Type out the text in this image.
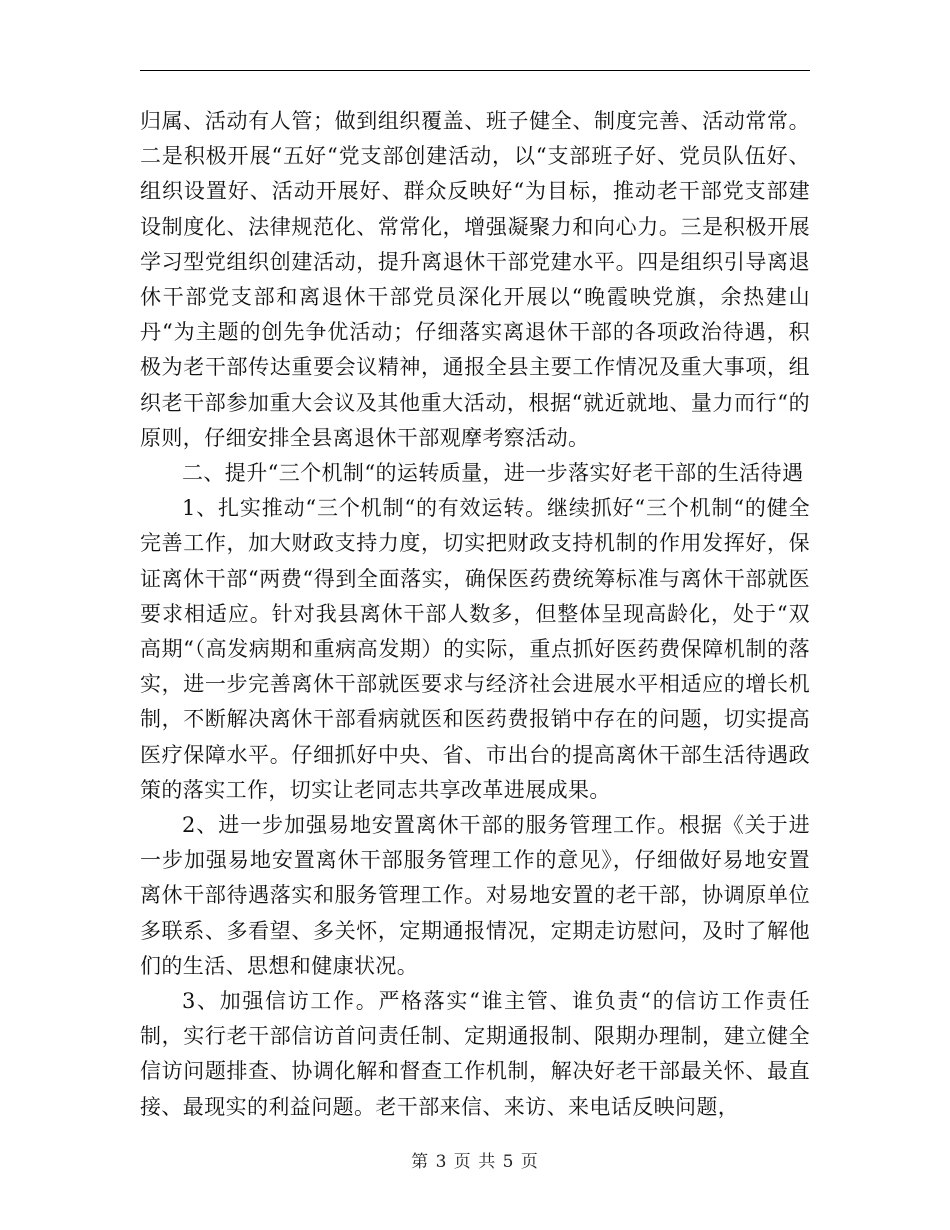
归属、活动有人管；做到组织覆盖、班子健全、制度完善、活动常常。二是积极开展“五好“党支部创建活动，以“支部班子好、党员队伍好、组织设置好、活动开展好、群众反映好“为目标，推动老干部党支部建设制度化、法律规范化、常常化，增强凝聚力和向心力。三是积极开展学习型党组织创建活动，提升离退休干部党建水平。四是组织引导离退休干部党支部和离退休干部党员深化开展以“晚霞映党旗，余热建山丹“为主题的创先争优活动；仔细落实离退休干部的各项政治待遇，积极为老干部传达重要会议精神，通报全县主要工作情况及重大事项，组织老干部参加重大会议及其他重大活动，根据“就近就地、量力而行“的原则，仔细安排全县离退休干部观摩考察活动。

二、提升“三个机制“的运转质量，进一步落实好老干部的生活待遇

1、扎实推动“三个机制“的有效运转。继续抓好“三个机制“的健全完善工作，加大财政支持力度，切实把财政支持机制的作用发挥好，保证离休干部“两费“得到全面落实，确保医药费统筹标准与离休干部就医要求相适应。针对我县离休干部人数多，但整体呈现高龄化，处于“双高期“（高发病期和重病高发期）的实际，重点抓好医药费保障机制的落实，进一步完善离休干部就医要求与经济社会进展水平相适应的增长机制，不断解决离休干部看病就医和医药费报销中存在的问题，切实提高医疗保障水平。仔细抓好中央、省、市出台的提高离休干部生活待遇政策的落实工作，切实让老同志共享改革进展成果。

2、进一步加强易地安置离休干部的服务管理工作。根据《关于进一步加强易地安置离休干部服务管理工作的意见》，仔细做好易地安置离休干部待遇落实和服务管理工作。对易地安置的老干部，协调原单位多联系、多看望、多关怀，定期通报情况，定期走访慰问，及时了解他们的生活、思想和健康状况。

3、加强信访工作。严格落实“谁主管、谁负责“的信访工作责任制，实行老干部信访首问责任制、定期通报制、限期办理制，建立健全信访问题排查、协调化解和督查工作机制，解决好老干部最关怀、最直接、最现实的利益问题。老干部来信、来访、来电话反映问题，

第 3 页 共 5 页
